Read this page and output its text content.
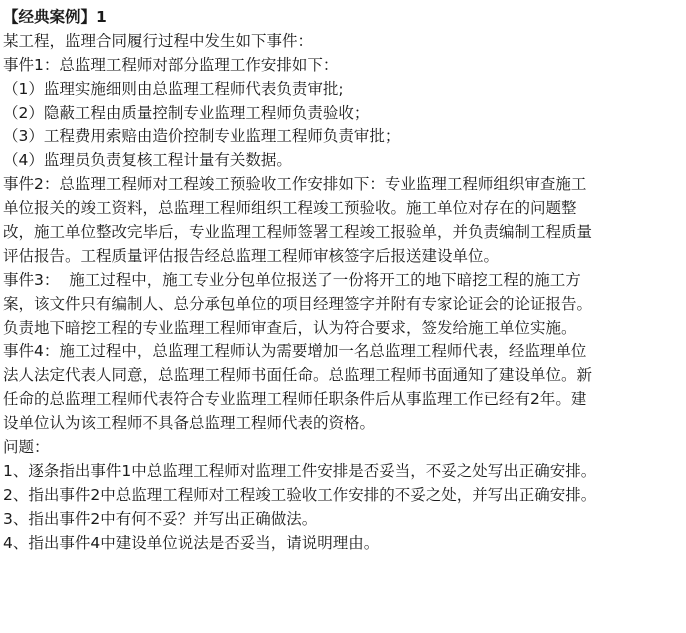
【经典案例】1
某工程，监理合同履行过程中发生如下事件：
事件1：总监理工程师对部分监理工作安排如下：
（1）监理实施细则由总监理工程师代表负责审批;
（2）隐蔽工程由质量控制专业监理工程师负责验收；
（3）工程费用索赔由造价控制专业监理工程师负责审批；
（4）监理员负责复核工程计量有关数据。
事件2：总监理工程师对工程竣工预验收工作安排如下：专业监理工程师组织审查施工
单位报关的竣工资料，总监理工程师组织工程竣工预验收。施工单位对存在的问题整
改，施工单位整改完毕后，专业监理工程师签署工程竣工报验单，并负责编制工程质量
评估报告。工程质量评估报告经总监理工程师审核签字后报送建设单位。
事件3：  施工过程中，施工专业分包单位报送了一份将开工的地下暗挖工程的施工方
案，该文件只有编制人、总分承包单位的项目经理签字并附有专家论证会的论证报告。
负责地下暗挖工程的专业监理工程师审查后，认为符合要求，签发给施工单位实施。
事件4：施工过程中，总监理工程师认为需要增加一名总监理工程师代表，经监理单位
法人法定代表人同意，总监理工程师书面任命。总监理工程师书面通知了建设单位。新
任命的总监理工程师代表符合专业监理工程师任职条件后从事监理工作已经有2年。建
设单位认为该工程师不具备总监理工程师代表的资格。
问题：
1、逐条指出事件1中总监理工程师对监理工件安排是否妥当，不妥之处写出正确安排。
2、指出事件2中总监理工程师对工程竣工验收工作安排的不妥之处，并写出正确安排。
3、指出事件2中有何不妥？并写出正确做法。
4、指出事件4中建设单位说法是否妥当，请说明理由。
